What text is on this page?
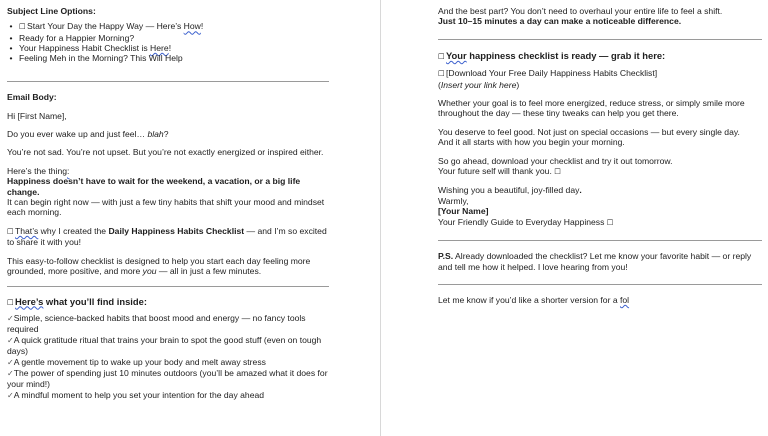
Subject Line Options:

• ☐Start Your Day the Happy Way — Here’s How!
• Ready for a Happier Morning?
• Your Happiness Habit Checklist is Here!
• Feeling Meh in the Morning? This Will Help

Email Body:

Hi [First Name],

Do you ever wake up and just feel… blah?

You’re not sad. You’re not upset. But you’re not exactly energized or inspired either.

Here’s the thing:

Happiness doesn’t have to wait for the weekend, a vacation, or a big life change.

It can begin right now — with just a few tiny habits that shift your mood and mindset each morning.

☐That’s why I created the Daily Happiness Habits Checklist — and I’m so excited to share it with you!

This easy-to-follow checklist is designed to help you start each day feeling more grounded, more positive, and more you — all in just a few minutes.

☐Here’s what you’ll find inside:

✓Simple, science-backed habits that boost mood and energy — no fancy tools required

✓A quick gratitude ritual that trains your brain to spot the good stuff (even on tough days)

✓A gentle movement tip to wake up your body and melt away stress

✓The power of spending just 10 minutes outdoors (you’ll be amazed what it does for your mind!)

✓A mindful moment to help you set your intention for the day ahead

And the best part? You don’t need to overhaul your entire life to feel a shift.

Just 10–15 minutes a day can make a noticeable difference.

☐Your happiness checklist is ready — grab it here:

☐[Download Your Free Daily Happiness Habits Checklist]

(Insert your link here)

Whether your goal is to feel more energized, reduce stress, or simply smile more throughout the day — these tiny tweaks can help you get there.

You deserve to feel good. Not just on special occasions — but every single day.

And it all starts with how you begin your morning.

So go ahead, download your checklist and try it out tomorrow.

Your future self will thank you. ☐

Wishing you a beautiful, joy-filled day.

Warmly,

[Your Name]

Your Friendly Guide to Everyday Happiness ☐

P.S. Already downloaded the checklist? Let me know your favorite habit — or reply and tell me how it helped. I love hearing from you!

Let me know if you’d like a shorter version for a fol
